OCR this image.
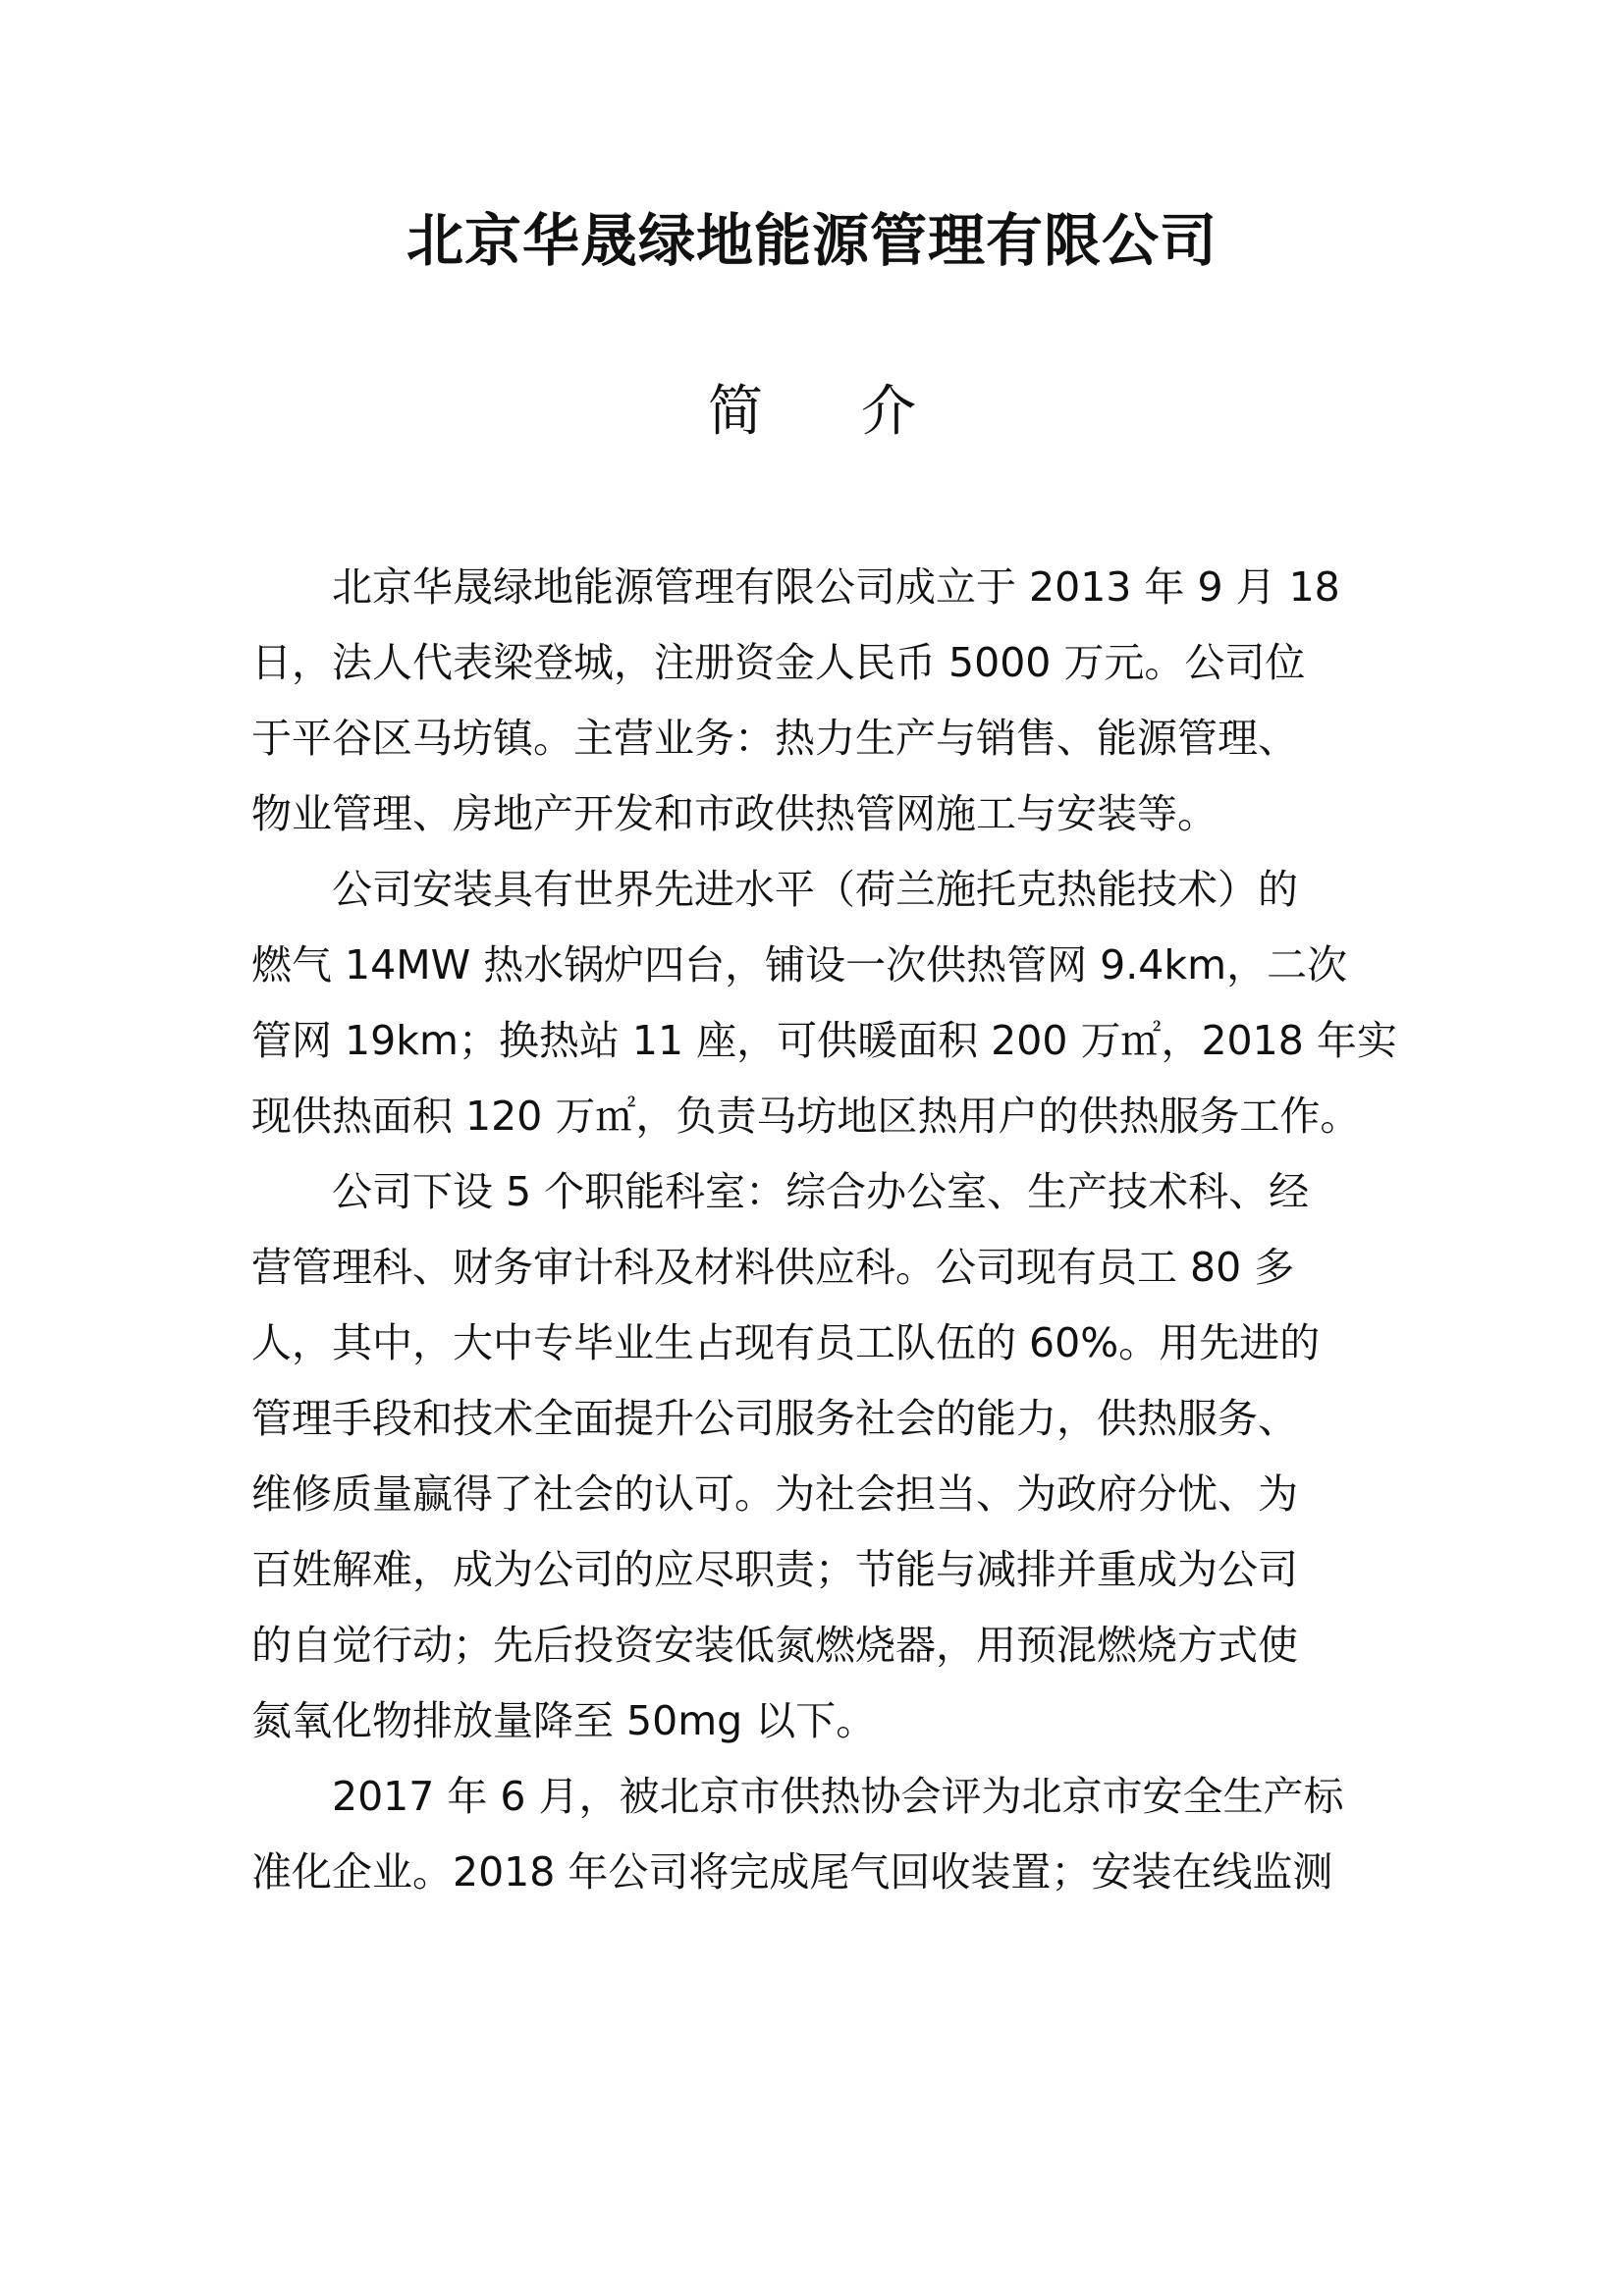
北京华晟绿地能源管理有限公司
简介

北京华晟绿地能源管理有限公司成立于 2013 年 9 月 18
日，法人代表梁登城，注册资金人民币 5000 万元。公司位
于平谷区马坊镇。主营业务：热力生产与销售、能源管理、
物业管理、房地产开发和市政供热管网施工与安装等。

公司安装具有世界先进水平（荷兰施托克热能技术）的
燃气 14MW 热水锅炉四台，铺设一次供热管网 9.4km，二次
管网 19km；换热站 11 座，可供暖面积 200 万㎡，2018 年实
现供热面积 120 万㎡，负责马坊地区热用户的供热服务工作。

公司下设 5 个职能科室：综合办公室、生产技术科、经
营管理科、财务审计科及材料供应科。公司现有员工 80 多
人，其中，大中专毕业生占现有员工队伍的 60%。用先进的
管理手段和技术全面提升公司服务社会的能力，供热服务、
维修质量赢得了社会的认可。为社会担当、为政府分忧、为
百姓解难，成为公司的应尽职责；节能与减排并重成为公司
的自觉行动；先后投资安装低氮燃烧器，用预混燃烧方式使
氮氧化物排放量降至 50mg 以下。

2017 年 6 月，被北京市供热协会评为北京市安全生产标
准化企业。2018 年公司将完成尾气回收装置；安装在线监测
